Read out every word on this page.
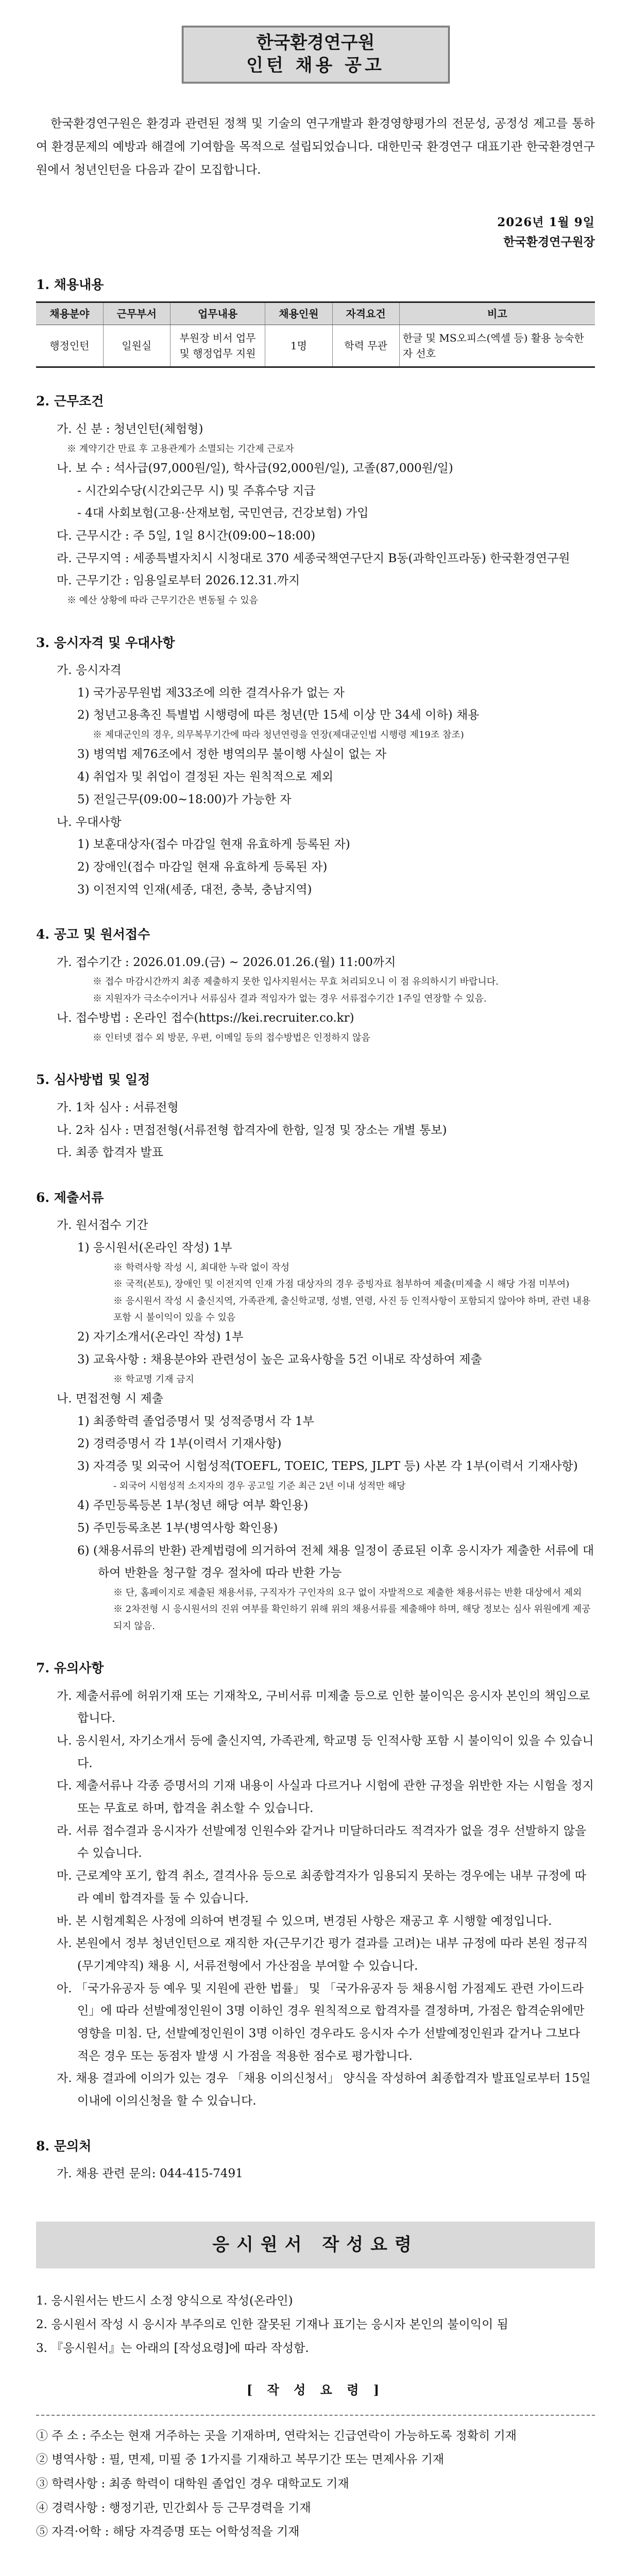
한국환경연구원
인턴 채용 공고

한국환경연구원은 환경과 관련된 정책 및 기술의 연구개발과 환경영향평가의 전문성, 공정성 제고를 통하여 환경문제의 예방과 해결에 기여함을 목적으로 설립되었습니다. 대한민국 환경연구 대표기관 한국환경연구원에서 청년인턴을 다음과 같이 모집합니다.

2026년 1월 9일
한국환경연구원장
1. 채용내용
채용분야	근무부서	업무내용	채용인원	자격요건	비고
행정인턴	일원실	부원장 비서 업무 및 행정업무 지원	1명	학력 무관	한글 및 MS오피스(엑셀 등) 활용 능숙한 자 선호
2. 근무조건
가. 신 분 : 청년인턴(체험형)
※ 계약기간 만료 후 고용관계가 소멸되는 기간제 근로자
나. 보 수 : 석사급(97,000원/일), 학사급(92,000원/일), 고졸(87,000원/일)
- 시간외수당(시간외근무 시) 및 주휴수당 지급
- 4대 사회보험(고용·산재보험, 국민연금, 건강보험) 가입
다. 근무시간 : 주 5일, 1일 8시간(09:00~18:00)
라. 근무지역 : 세종특별자치시 시청대로 370 세종국책연구단지 B동(과학인프라동) 한국환경연구원
마. 근무기간 : 임용일로부터 2026.12.31.까지
※ 예산 상황에 따라 근무기간은 변동될 수 있음
3. 응시자격 및 우대사항
가. 응시자격
1) 국가공무원법 제33조에 의한 결격사유가 없는 자
2) 청년고용촉진 특별법 시행령에 따른 청년(만 15세 이상 만 34세 이하) 채용
※ 제대군인의 경우, 의무복무기간에 따라 청년연령을 연장(제대군인법 시행령 제19조 참조)
3) 병역법 제76조에서 정한 병역의무 불이행 사실이 없는 자
4) 취업자 및 취업이 결정된 자는 원칙적으로 제외
5) 전일근무(09:00~18:00)가 가능한 자
나. 우대사항
1) 보훈대상자(접수 마감일 현재 유효하게 등록된 자)
2) 장애인(접수 마감일 현재 유효하게 등록된 자)
3) 이전지역 인재(세종, 대전, 충북, 충남지역)
4. 공고 및 원서접수
가. 접수기간 : 2026.01.09.(금) ~ 2026.01.26.(월) 11:00까지
※ 접수 마감시간까지 최종 제출하지 못한 입사지원서는 무효 처리되오니 이 점 유의하시기 바랍니다.
※ 지원자가 극소수이거나 서류심사 결과 적임자가 없는 경우 서류접수기간 1주일 연장할 수 있음.
나. 접수방법 : 온라인 접수(https://kei.recruiter.co.kr)
※ 인터넷 접수 외 방문, 우편, 이메일 등의 접수방법은 인정하지 않음
5. 심사방법 및 일정
가. 1차 심사 : 서류전형
나. 2차 심사 : 면접전형(서류전형 합격자에 한함, 일정 및 장소는 개별 통보)
다. 최종 합격자 발표
6. 제출서류
가. 원서접수 기간
1) 응시원서(온라인 작성) 1부
※ 학력사항 작성 시, 최대한 누락 없이 작성
※ 국적(본토), 장애인 및 이전지역 인재 가점 대상자의 경우 증빙자료 첨부하여 제출(미제출 시 해당 가점 미부여)
※ 응시원서 작성 시 출신지역, 가족관계, 출신학교명, 성별, 연령, 사진 등 인적사항이 포함되지 않아야 하며, 관련 내용 포함 시 불이익이 있을 수 있음
2) 자기소개서(온라인 작성) 1부
3) 교육사항 : 채용분야와 관련성이 높은 교육사항을 5건 이내로 작성하여 제출
※ 학교명 기재 금지
나. 면접전형 시 제출
1) 최종학력 졸업증명서 및 성적증명서 각 1부
2) 경력증명서 각 1부(이력서 기재사항)
3) 자격증 및 외국어 시험성적(TOEFL, TOEIC, TEPS, JLPT 등) 사본 각 1부(이력서 기재사항)
- 외국어 시험성적 소지자의 경우 공고일 기준 최근 2년 이내 성적만 해당
4) 주민등록등본 1부(청년 해당 여부 확인용)
5) 주민등록초본 1부(병역사항 확인용)
6) (채용서류의 반환) 관계법령에 의거하여 전체 채용 일정이 종료된 이후 응시자가 제출한 서류에 대하여 반환을 청구할 경우 절차에 따라 반환 가능
※ 단, 홈페이지로 제출된 채용서류, 구직자가 구인자의 요구 없이 자발적으로 제출한 채용서류는 반환 대상에서 제외
※ 2차전형 시 응시원서의 진위 여부를 확인하기 위해 위의 채용서류를 제출해야 하며, 해당 정보는 심사 위원에게 제공되지 않음.
7. 유의사항
가. 제출서류에 허위기재 또는 기재착오, 구비서류 미제출 등으로 인한 불이익은 응시자 본인의 책임으로 합니다.
나. 응시원서, 자기소개서 등에 출신지역, 가족관계, 학교명 등 인적사항 포함 시 불이익이 있을 수 있습니다.
다. 제출서류나 각종 증명서의 기재 내용이 사실과 다르거나 시험에 관한 규정을 위반한 자는 시험을 정지 또는 무효로 하며, 합격을 취소할 수 있습니다.
라. 서류 접수결과 응시자가 선발예정 인원수와 같거나 미달하더라도 적격자가 없을 경우 선발하지 않을 수 있습니다.
마. 근로계약 포기, 합격 취소, 결격사유 등으로 최종합격자가 임용되지 못하는 경우에는 내부 규정에 따라 예비 합격자를 둘 수 있습니다.
바. 본 시험계획은 사정에 의하여 변경될 수 있으며, 변경된 사항은 재공고 후 시행할 예정입니다.
사. 본원에서 정부 청년인턴으로 재직한 자(근무기간 평가 결과를 고려)는 내부 규정에 따라 본원 정규직(무기계약직) 채용 시, 서류전형에서 가산점을 부여할 수 있습니다.
아. 「국가유공자 등 예우 및 지원에 관한 법률」 및 「국가유공자 등 채용시험 가점제도 관련 가이드라인」에 따라 선발예정인원이 3명 이하인 경우 원칙적으로 합격자를 결정하며, 가점은 합격순위에만 영향을 미침. 단, 선발예정인원이 3명 이하인 경우라도 응시자 수가 선발예정인원과 같거나 그보다 적은 경우 또는 동점자 발생 시 가점을 적용한 점수로 평가합니다.
자. 채용 결과에 이의가 있는 경우 「채용 이의신청서」 양식을 작성하여 최종합격자 발표일로부터 15일 이내에 이의신청을 할 수 있습니다.
8. 문의처
가. 채용 관련 문의: 044-415-7491
응시원서 작성요령
1. 응시원서는 반드시 소정 양식으로 작성(온라인)
2. 응시원서 작성 시 응시자 부주의로 인한 잘못된 기재나 표기는 응시자 본인의 불이익이 됨
3. 『응시원서』는 아래의 [작성요령]에 따라 작성함.
[ 작 성 요 령 ]
① 주 소 : 주소는 현재 거주하는 곳을 기재하며, 연락처는 긴급연락이 가능하도록 정확히 기재
② 병역사항 : 필, 면제, 미필 중 1가지를 기재하고 복무기간 또는 면제사유 기재
③ 학력사항 : 최종 학력이 대학원 졸업인 경우 대학교도 기재
④ 경력사항 : 행정기관, 민간회사 등 근무경력을 기재
⑤ 자격·어학 : 해당 자격증명 또는 어학성적을 기재
